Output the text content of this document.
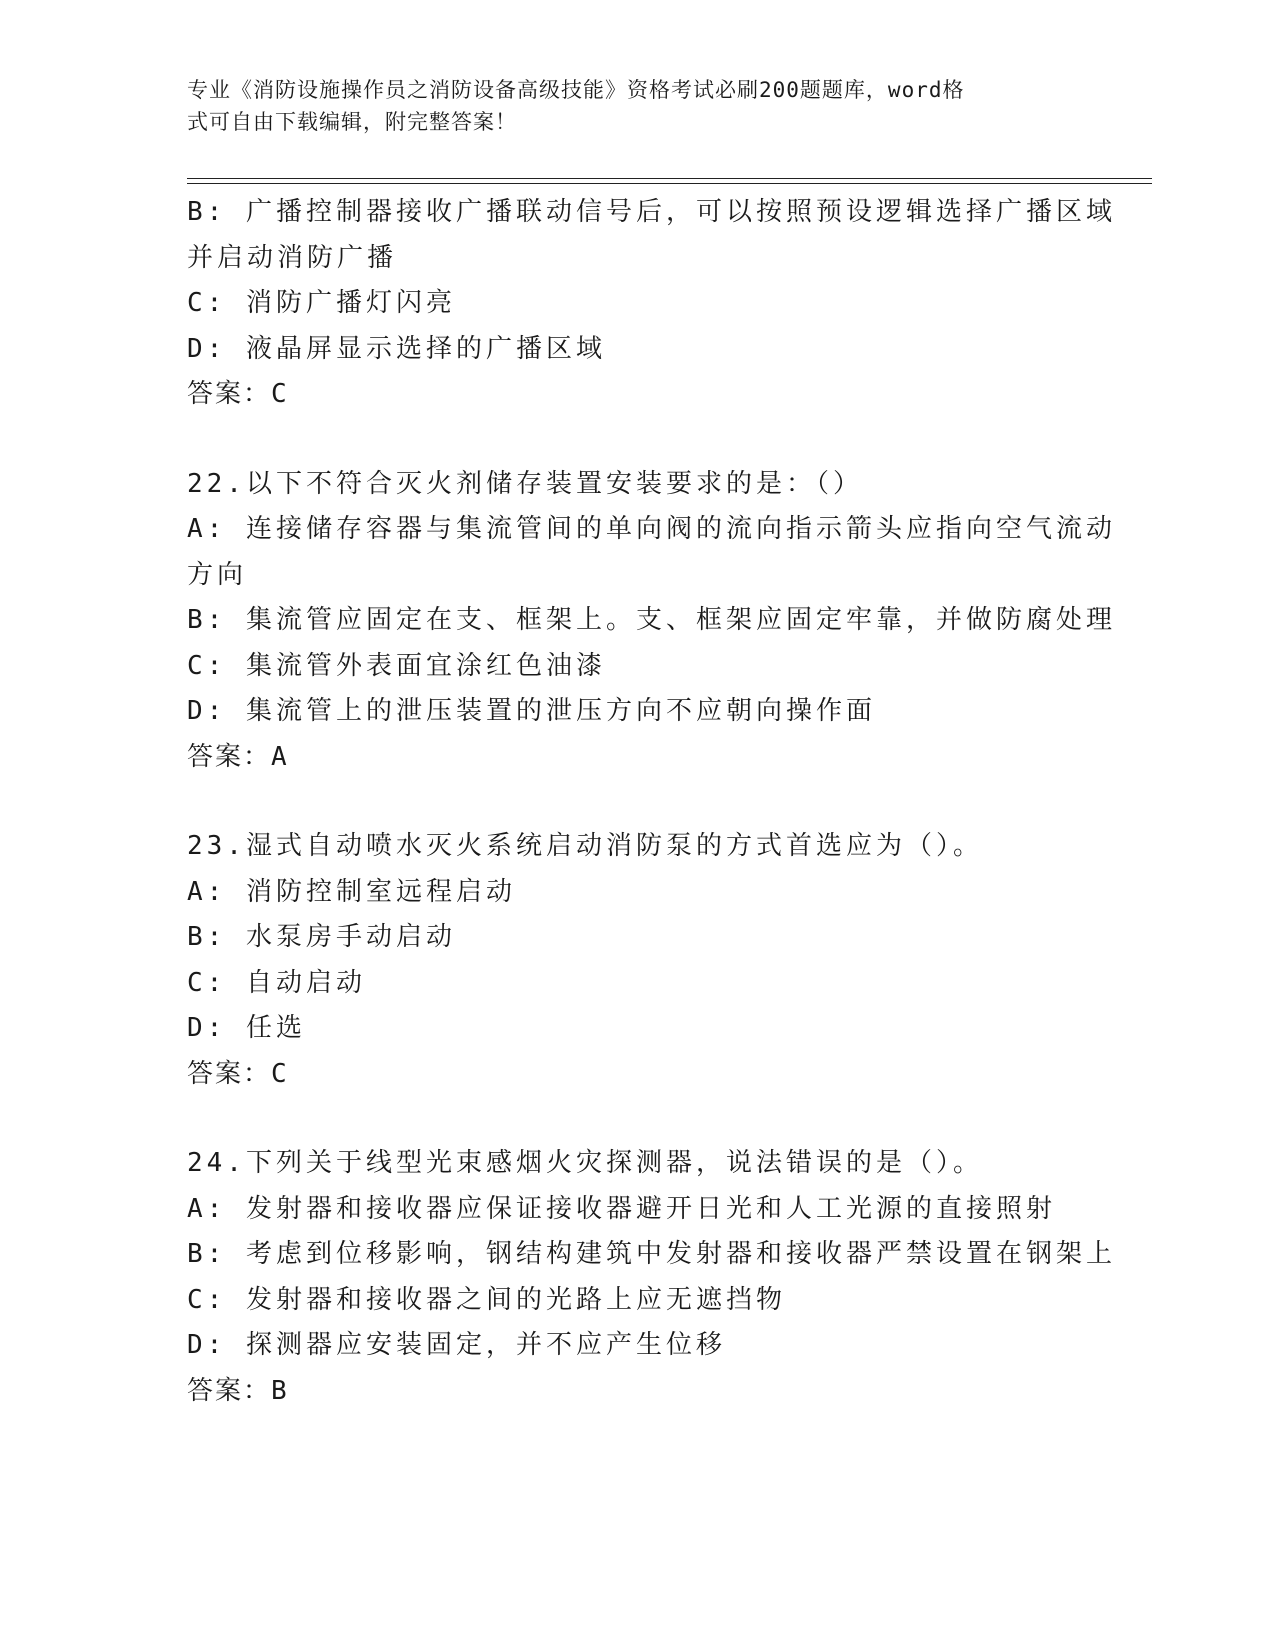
专业《消防设施操作员之消防设备高级技能》资格考试必刷200题题库，word格
式可自由下载编辑，附完整答案！
B: 广播控制器接收广播联动信号后，可以按照预设逻辑选择广播区域
并启动消防广播
C: 消防广播灯闪亮
D: 液晶屏显示选择的广播区域
答案：C
22.以下不符合灭火剂储存装置安装要求的是：（）
A: 连接储存容器与集流管间的单向阀的流向指示箭头应指向空气流动
方向
B: 集流管应固定在支、框架上。支、框架应固定牢靠，并做防腐处理
C: 集流管外表面宜涂红色油漆
D: 集流管上的泄压装置的泄压方向不应朝向操作面
答案：A
23.湿式自动喷水灭火系统启动消防泵的方式首选应为（）。
A: 消防控制室远程启动
B: 水泵房手动启动
C: 自动启动
D: 任选
答案：C
24.下列关于线型光束感烟火灾探测器，说法错误的是（）。
A: 发射器和接收器应保证接收器避开日光和人工光源的直接照射
B: 考虑到位移影响，钢结构建筑中发射器和接收器严禁设置在钢架上
C: 发射器和接收器之间的光路上应无遮挡物
D: 探测器应安装固定，并不应产生位移
答案：B
